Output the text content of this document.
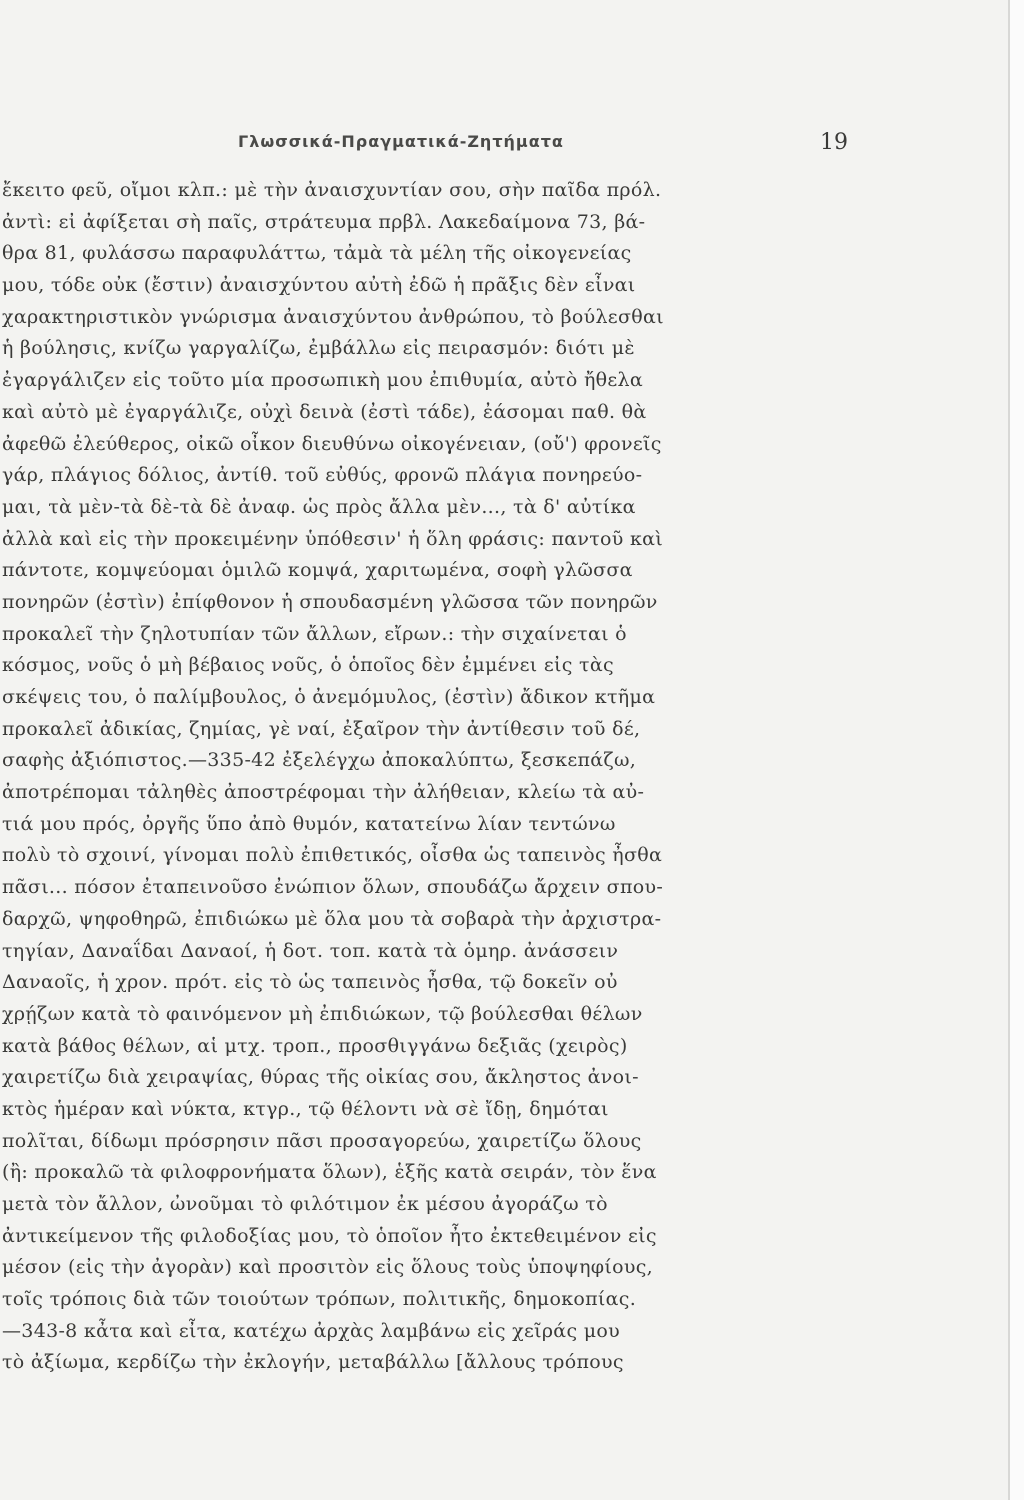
Γλωσσικά-Πραγματικά-Ζητήματα	19
ἔκειτο φεῦ, οἴμοι κλπ.: μὲ τὴν ἀναισχυντίαν σου, σὴν παῖδα πρόλ.
ἀντὶ: εἰ ἀφίξεται σὴ παῖς, στράτευμα πρβλ. Λακεδαίμονα 73, βά-
θρα 81, φυλάσσω παραφυλάττω, τἀμὰ τὰ μέλη τῆς οἰκογενείας
μου, τόδε οὐκ (ἔστιν) ἀναισχύντου αὐτὴ ἐδῶ ἡ πρᾶξις δὲν εἶναι
χαρακτηριστικὸν γνώρισμα ἀναισχύντου ἀνθρώπου, τὸ βούλεσθαι
ἡ βούλησις, κνίζω γαργαλίζω, ἐμβάλλω εἰς πειρασμόν: διότι μὲ
ἐγαργάλιζεν εἰς τοῦτο μία προσωπικὴ μου ἐπιθυμία, αὐτὸ ἤθελα
καὶ αὐτὸ μὲ ἐγαργάλιζε, οὐχὶ δεινὰ (ἐστὶ τάδε), ἐάσομαι παθ. θὰ
ἀφεθῶ ἐλεύθερος, οἰκῶ οἶκον διευθύνω οἰκογένειαν, (οὔ') φρονεῖς
γάρ, πλάγιος δόλιος, ἀντίθ. τοῦ εὐθύς, φρονῶ πλάγια πονηρεύο-
μαι, τὰ μὲν-τὰ δὲ-τὰ δὲ ἀναφ. ὡς πρὸς ἄλλα μὲν..., τὰ δ' αὐτίκα
ἀλλὰ καὶ εἰς τὴν προκειμένην ὑπόθεσιν' ἡ ὅλη φράσις: παντοῦ καὶ
πάντοτε, κομψεύομαι ὁμιλῶ κομψά, χαριτωμένα, σοφὴ γλῶσσα
πονηρῶν (ἐστὶν) ἐπίφθονον ἡ σπουδασμένη γλῶσσα τῶν πονηρῶν
προκαλεῖ τὴν ζηλοτυπίαν τῶν ἄλλων, εἴρων.: τὴν σιχαίνεται ὁ
κόσμος, νοῦς ὁ μὴ βέβαιος νοῦς, ὁ ὁποῖος δὲν ἐμμένει εἰς τὰς
σκέψεις του, ὁ παλίμβουλος, ὁ ἀνεμόμυλος, (ἐστὶν) ἄδικον κτῆμα
προκαλεῖ ἀδικίας, ζημίας, γὲ ναί, ἐξαῖρον τὴν ἀντίθεσιν τοῦ δέ,
σαφὴς ἀξιόπιστος.—335-42 ἐξελέγχω ἀποκαλύπτω, ξεσκεπάζω,
ἀποτρέπομαι τἀληθὲς ἀποστρέφομαι τὴν ἀλήθειαν, κλείω τὰ αὐ-
τιά μου πρός, ὀργῆς ὕπο ἀπὸ θυμόν, κατατείνω λίαν τεντώνω
πολὺ τὸ σχοινί, γίνομαι πολὺ ἐπιθετικός, οἶσθα ὡς ταπεινὸς ἦσθα
πᾶσι... πόσον ἐταπεινοῦσο ἐνώπιον ὅλων, σπουδάζω ἄρχειν σπου-
δαρχῶ, ψηφοθηρῶ, ἐπιδιώκω μὲ ὅλα μου τὰ σοβαρὰ τὴν ἀρχιστρα-
τηγίαν, Δαναΐδαι Δαναοί, ἡ δοτ. τοπ. κατὰ τὰ ὁμηρ. ἀνάσσειν
Δαναοῖς, ἡ χρον. πρότ. εἰς τὸ ὡς ταπεινὸς ἦσθα, τῷ δοκεῖν οὐ
χρῄζων κατὰ τὸ φαινόμενον μὴ ἐπιδιώκων, τῷ βούλεσθαι θέλων
κατὰ βάθος θέλων, αἱ μτχ. τροπ., προσθιγγάνω δεξιᾶς (χειρὸς)
χαιρετίζω διὰ χειραψίας, θύρας τῆς οἰκίας σου, ἄκληστος ἀνοι-
κτὸς ἡμέραν καὶ νύκτα, κτγρ., τῷ θέλοντι νὰ σὲ ἴδῃ, δημόται
πολῖται, δίδωμι πρόσρησιν πᾶσι προσαγορεύω, χαιρετίζω ὅλους
(ἢ: προκαλῶ τὰ φιλοφρονήματα ὅλων), ἑξῆς κατὰ σειράν, τὸν ἕνα
μετὰ τὸν ἄλλον, ὠνοῦμαι τὸ φιλότιμον ἐκ μέσου ἀγοράζω τὸ
ἀντικείμενον τῆς φιλοδοξίας μου, τὸ ὁποῖον ἦτο ἐκτεθειμένον εἰς
μέσον (εἰς τὴν ἀγορὰν) καὶ προσιτὸν εἰς ὅλους τοὺς ὑποψηφίους,
τοῖς τρόποις διὰ τῶν τοιούτων τρόπων, πολιτικῆς, δημοκοπίας.
—343-8 κἆτα καὶ εἶτα, κατέχω ἀρχὰς λαμβάνω εἰς χεῖράς μου
τὸ ἀξίωμα, κερδίζω τὴν ἐκλογήν, μεταβάλλω [ἄλλους τρόπους
